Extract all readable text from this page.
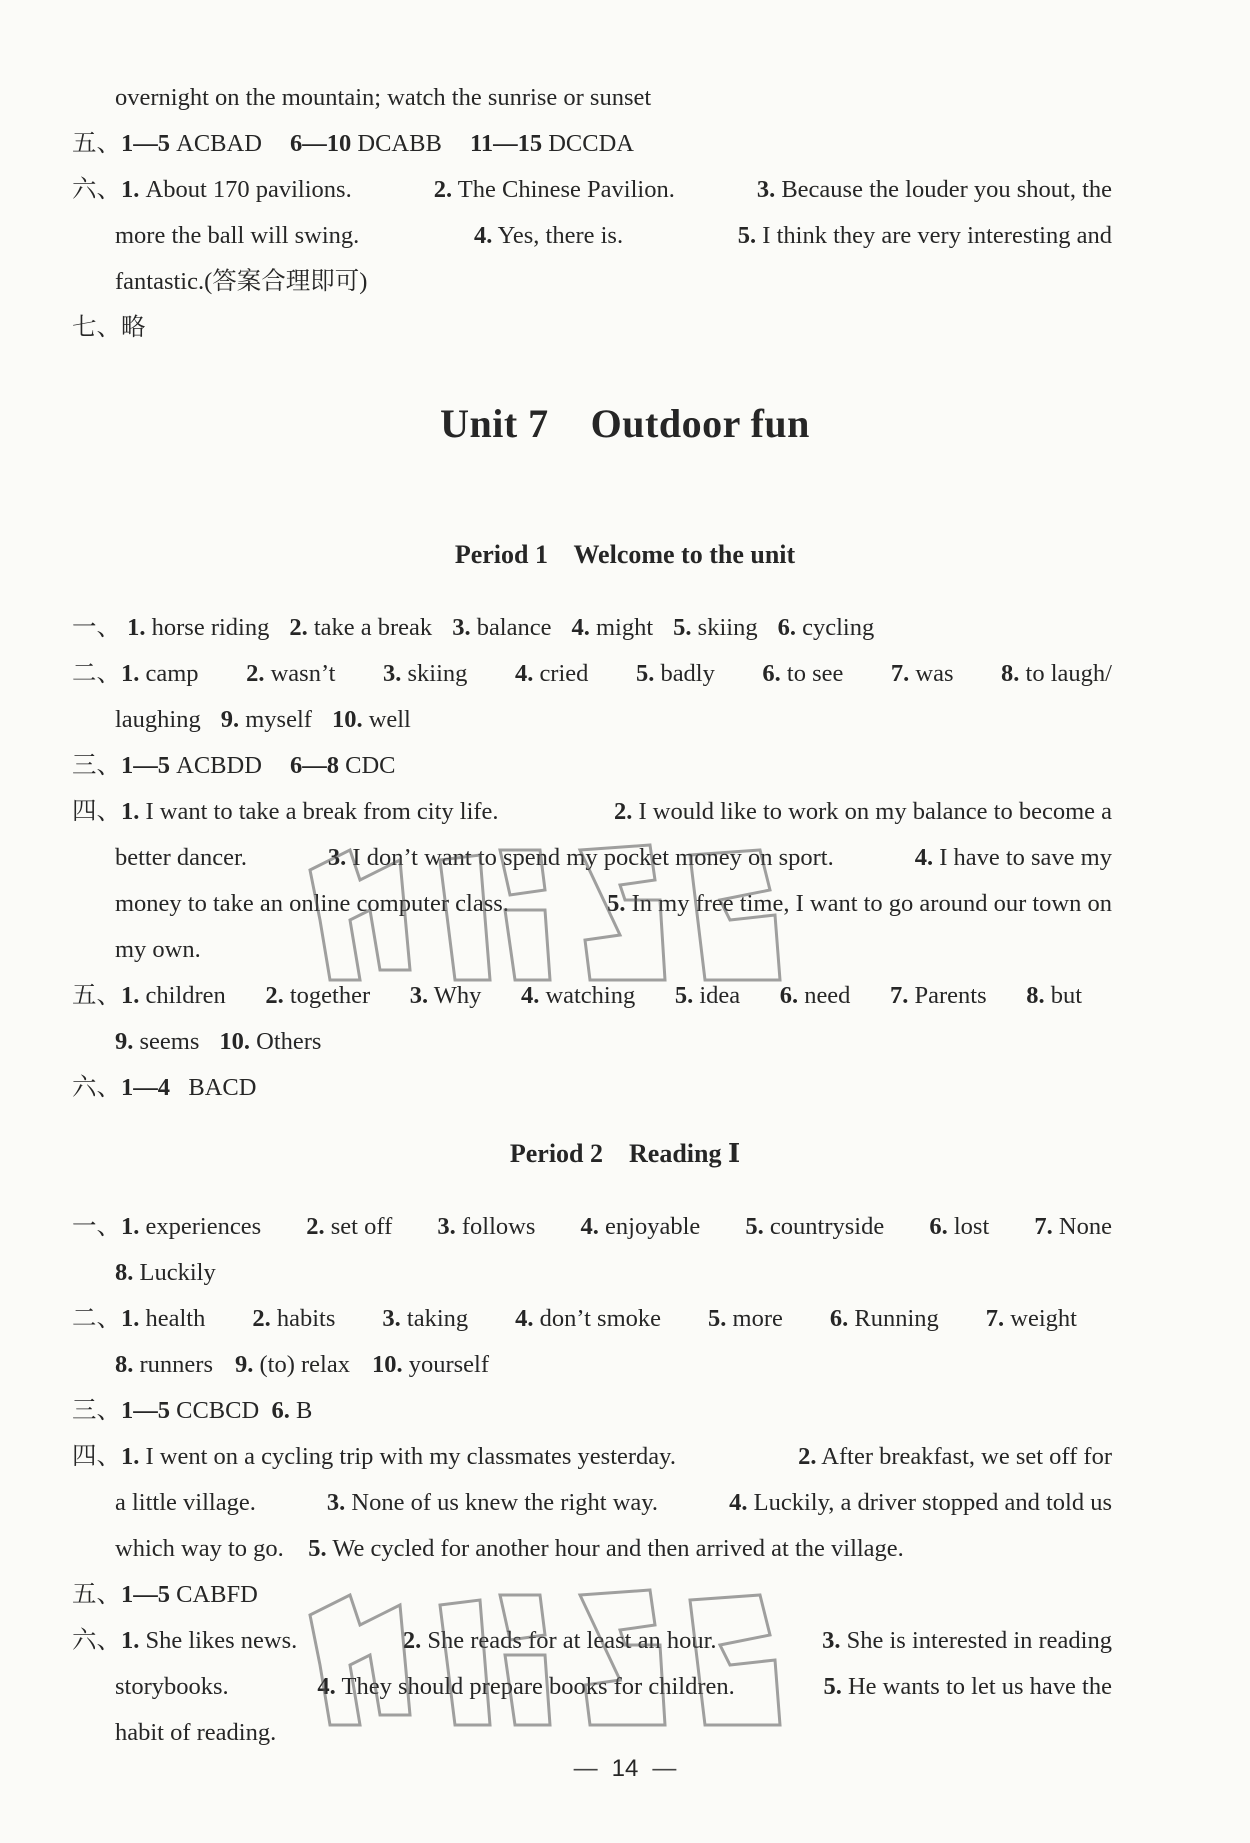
overnight on the mountain; watch the sunrise or sunset
五、1—5 ACBAD 6—10 DCABB 11—15 DCCDA
六、1. About 170 pavilions.	2. The Chinese Pavilion.	3. Because the louder you shout, the
more the ball will swing.	4. Yes, there is.	5. I think they are very interesting and
fantastic.(答案合理即可)
七、略
Unit 7    Outdoor fun
Period 1    Welcome to the unit
一、 1. horse riding 2. take a break 3. balance 4. might 5. skiing 6. cycling
二、1. camp 2. wasn’t 3. skiing 4. cried 5. badly 6. to see 7. was 8. to laugh/
laughing 9. myself 10. well
三、1—5 ACBDD 6—8 CDC
四、1. I want to take a break from city life.	2. I would like to work on my balance to become a
better dancer.	3. I don’t want to spend my pocket money on sport.	4. I have to save my
money to take an online computer class.	5. In my free time, I want to go around our town on
my own.
五、1. children 2. together 3. Why 4. watching 5. idea 6. need 7. Parents 8. but
9. seems 10. Others
六、1—4 BACD
Period 2    Reading Ⅰ
一、1. experiences 2. set off 3. follows 4. enjoyable 5. countryside 6. lost 7. None
8. Luckily
二、1. health 2. habits 3. taking 4. don’t smoke 5. more 6. Running 7. weight
8. runners 9. (to) relax 10. yourself
三、1—5 CCBCD 6. B
四、1. I went on a cycling trip with my classmates yesterday.	2. After breakfast, we set off for
a little village.	3. None of us knew the right way.	4. Luckily, a driver stopped and told us
which way to go. 5. We cycled for another hour and then arrived at the village.
五、1—5 CABFD
六、1. She likes news.	2. She reads for at least an hour.	3. She is interested in reading
storybooks.	4. They should prepare books for children.	5. He wants to let us have the
habit of reading.
— 14 —
